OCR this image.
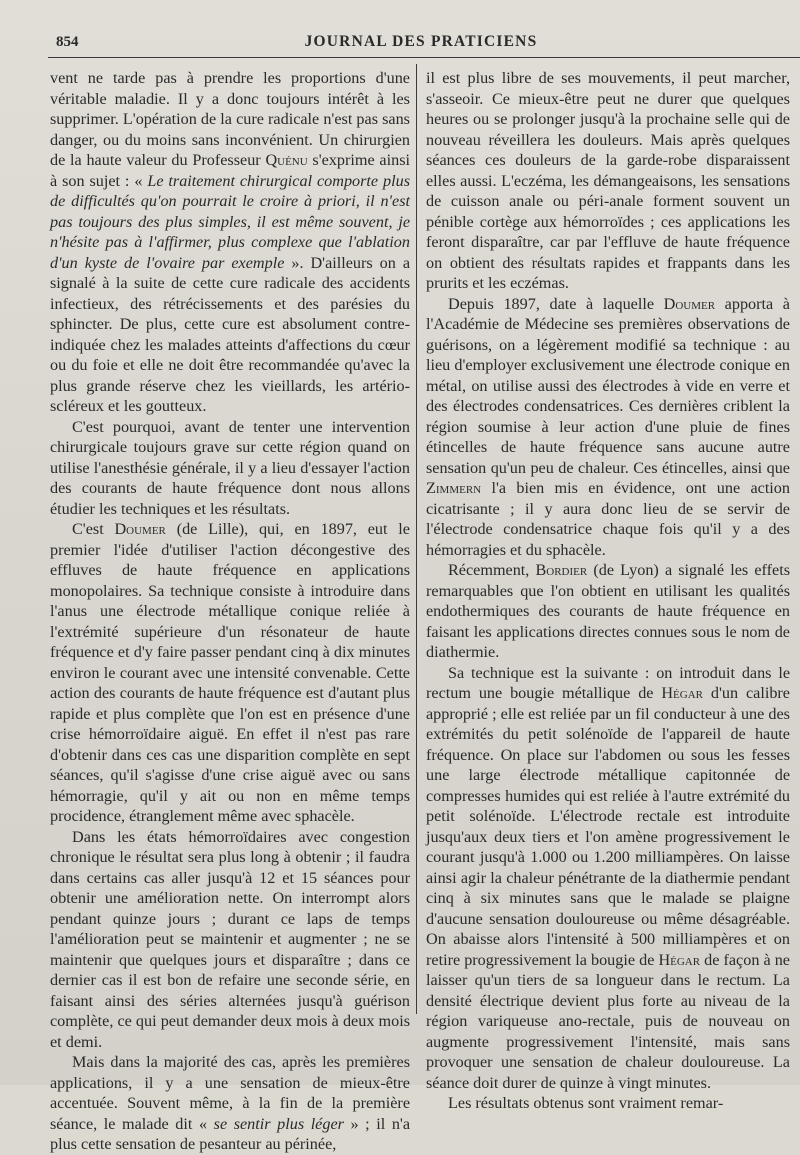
854	JOURNAL DES PRATICIENS

vent ne tarde pas à prendre les proportions d'une véritable maladie. Il y a donc toujours intérêt à les supprimer. L'opération de la cure radicale n'est pas sans danger, ou du moins sans inconvénient. Un chirurgien de la haute valeur du Professeur Quénu s'exprime ainsi à son sujet : « Le traitement chirurgical comporte plus de difficultés qu'on pourrait le croire à priori, il n'est pas toujours des plus simples, il est même souvent, je n'hésite pas à l'affirmer, plus complexe que l'ablation d'un kyste de l'ovaire par exemple ». D'ailleurs on a signalé à la suite de cette cure radicale des accidents infectieux, des rétrécissements et des parésies du sphincter. De plus, cette cure est absolument contre-indiquée chez les malades atteints d'affections du cœur ou du foie et elle ne doit être recommandée qu'avec la plus grande réserve chez les vieillards, les artério-scléreux et les goutteux.

C'est pourquoi, avant de tenter une intervention chirurgicale toujours grave sur cette région quand on utilise l'anesthésie générale, il y a lieu d'essayer l'action des courants de haute fréquence dont nous allons étudier les techniques et les résultats.

C'est Doumer (de Lille), qui, en 1897, eut le premier l'idée d'utiliser l'action décongestive des effluves de haute fréquence en applications monopolaires. Sa technique consiste à introduire dans l'anus une électrode métallique conique reliée à l'extrémité supérieure d'un résonateur de haute fréquence et d'y faire passer pendant cinq à dix minutes environ le courant avec une intensité convenable. Cette action des courants de haute fréquence est d'autant plus rapide et plus complète que l'on est en présence d'une crise hémorroïdaire aiguë. En effet il n'est pas rare d'obtenir dans ces cas une disparition complète en sept séances, qu'il s'agisse d'une crise aiguë avec ou sans hémorragie, qu'il y ait ou non en même temps procidence, étranglement même avec sphacèle.

Dans les états hémorroïdaires avec congestion chronique le résultat sera plus long à obtenir ; il faudra dans certains cas aller jusqu'à 12 et 15 séances pour obtenir une amélioration nette. On interrompt alors pendant quinze jours ; durant ce laps de temps l'amélioration peut se maintenir et augmenter ; ne se maintenir que quelques jours et disparaître ; dans ce dernier cas il est bon de refaire une seconde série, en faisant ainsi des séries alternées jusqu'à guérison complète, ce qui peut demander deux mois à deux mois et demi.

Mais dans la majorité des cas, après les premières applications, il y a une sensation de mieux-être accentuée. Souvent même, à la fin de la première séance, le malade dit « se sentir plus léger » ; il n'a plus cette sensation de pesanteur au périnée,

il est plus libre de ses mouvements, il peut marcher, s'asseoir. Ce mieux-être peut ne durer que quelques heures ou se prolonger jusqu'à la prochaine selle qui de nouveau réveillera les douleurs. Mais après quelques séances ces douleurs de la garde-robe disparaissent elles aussi. L'eczéma, les démangeaisons, les sensations de cuisson anale ou péri-anale forment souvent un pénible cortège aux hémorroïdes ; ces applications les feront disparaître, car par l'effluve de haute fréquence on obtient des résultats rapides et frappants dans les prurits et les eczémas.

Depuis 1897, date à laquelle Doumer apporta à l'Académie de Médecine ses premières observations de guérisons, on a légèrement modifié sa technique : au lieu d'employer exclusivement une électrode conique en métal, on utilise aussi des électrodes à vide en verre et des électrodes condensatrices. Ces dernières criblent la région soumise à leur action d'une pluie de fines étincelles de haute fréquence sans aucune autre sensation qu'un peu de chaleur. Ces étincelles, ainsi que Zimmern l'a bien mis en évidence, ont une action cicatrisante ; il y aura donc lieu de se servir de l'électrode condensatrice chaque fois qu'il y a des hémorragies et du sphacèle.

Récemment, Bordier (de Lyon) a signalé les effets remarquables que l'on obtient en utilisant les qualités endothermiques des courants de haute fréquence en faisant les applications directes connues sous le nom de diathermie.

Sa technique est la suivante : on introduit dans le rectum une bougie métallique de Hégar d'un calibre approprié ; elle est reliée par un fil conducteur à une des extrémités du petit solénoïde de l'appareil de haute fréquence. On place sur l'abdomen ou sous les fesses une large électrode métallique capitonnée de compresses humides qui est reliée à l'autre extrémité du petit solénoïde. L'électrode rectale est introduite jusqu'aux deux tiers et l'on amène progressivement le courant jusqu'à 1.000 ou 1.200 milliampères. On laisse ainsi agir la chaleur pénétrante de la diathermie pendant cinq à six minutes sans que le malade se plaigne d'aucune sensation douloureuse ou même désagréable. On abaisse alors l'intensité à 500 milliampères et on retire progressivement la bougie de Hégar de façon à ne laisser qu'un tiers de sa longueur dans le rectum. La densité électrique devient plus forte au niveau de la région variqueuse ano-rectale, puis de nouveau on augmente progressivement l'intensité, mais sans provoquer une sensation de chaleur douloureuse. La séance doit durer de quinze à vingt minutes.

Les résultats obtenus sont vraiment remar-
